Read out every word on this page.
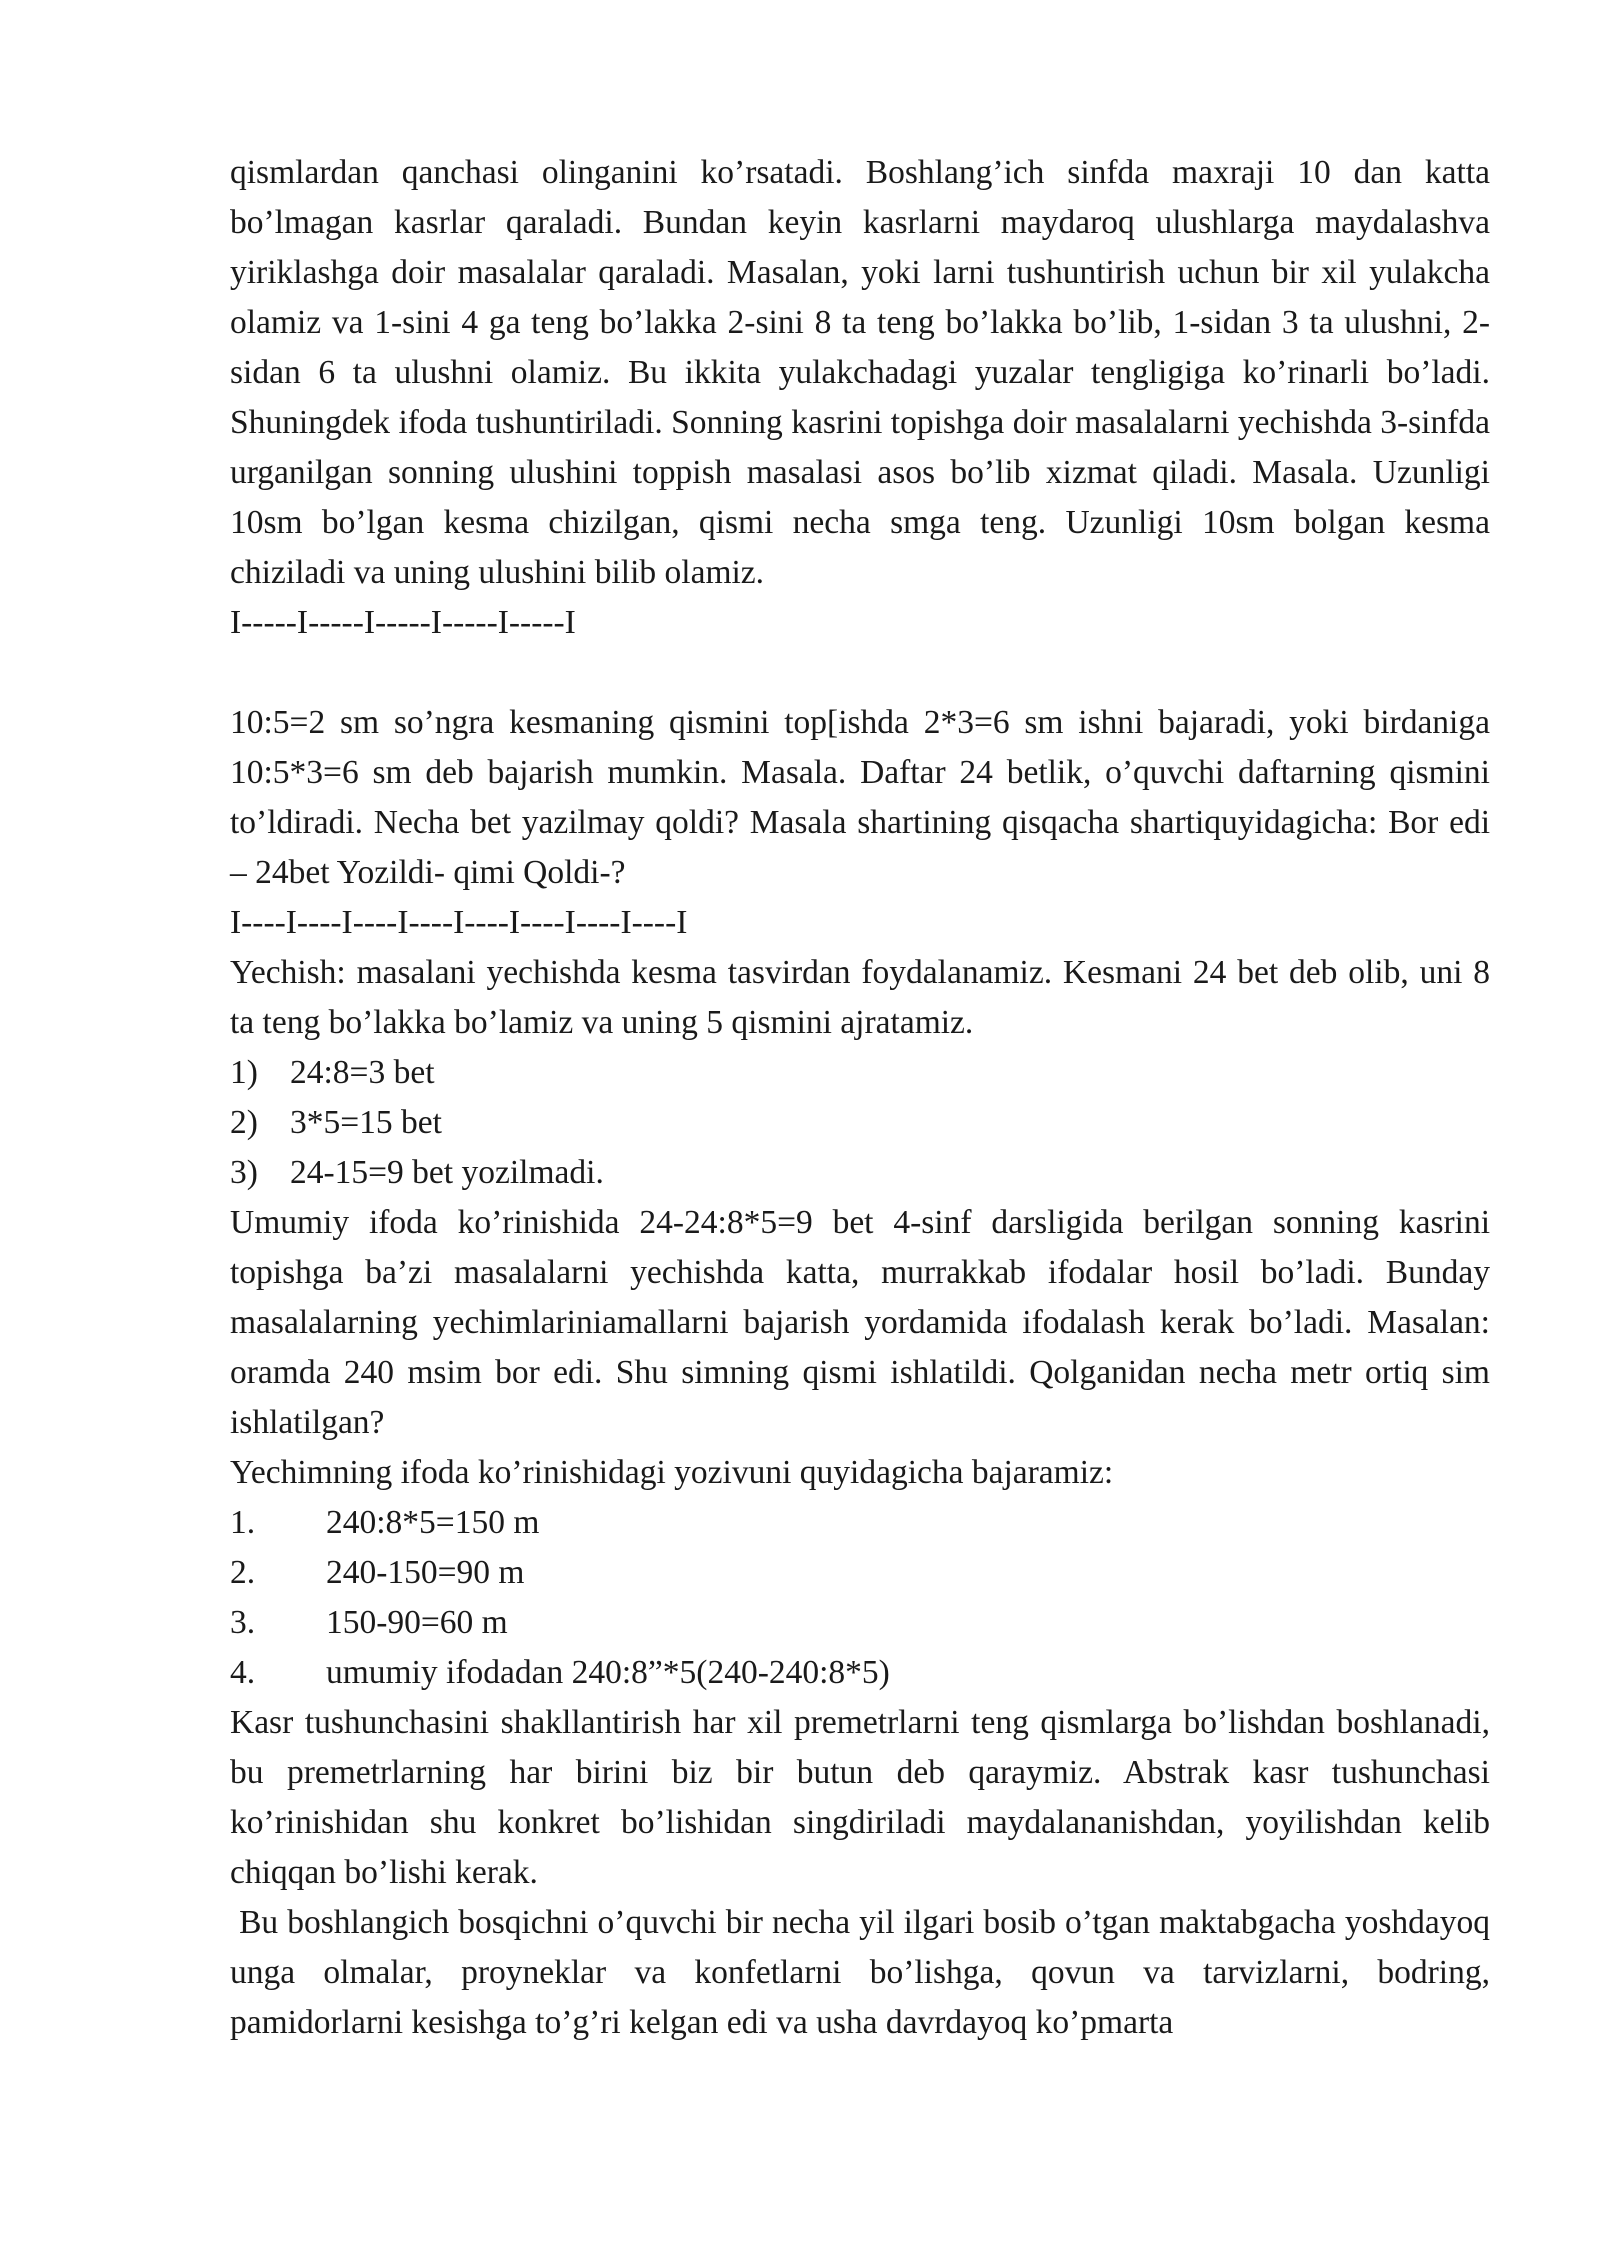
qismlardan qanchasi olinganini ko’rsatadi. Boshlang’ich sinfda maxraji 10 dan katta bo’lmagan kasrlar qaraladi. Bundan keyin kasrlarni maydaroq ulushlarga maydalashva yiriklashga doir masalalar qaraladi. Masalan, yoki larni tushuntirish uchun bir xil yulakcha olamiz va 1-sini 4 ga teng bo’lakka 2-sini 8 ta teng bo’lakka bo’lib, 1-sidan 3 ta ulushni, 2-sidan 6 ta ulushni olamiz. Bu ikkita yulakchadagi yuzalar tengligiga ko’rinarli bo’ladi. Shuningdek ifoda tushuntiriladi. Sonning kasrini topishga doir masalalarni yechishda 3-sinfda urganilgan sonning ulushini toppish masalasi asos bo’lib xizmat qiladi. Masala. Uzunligi 10sm bo’lgan kesma chizilgan, qismi necha smga teng. Uzunligi 10sm bolgan kesma chiziladi va uning ulushini bilib olamiz.

I-----I-----I-----I-----I-----I

10:5=2 sm so’ngra kesmaning qismini top[ishda 2*3=6 sm ishni bajaradi, yoki birdaniga 10:5*3=6 sm deb bajarish mumkin. Masala. Daftar 24 betlik, o’quvchi daftarning qismini to’ldiradi. Necha bet yazilmay qoldi? Masala shartining qisqacha shartiquyidagicha: Bor edi – 24bet Yozildi- qimi Qoldi-?

I----I----I----I----I----I----I----I----I

Yechish: masalani yechishda kesma tasvirdan foydalanamiz. Kesmani 24 bet deb olib, uni 8 ta teng bo’lakka bo’lamiz va uning 5 qismini ajratamiz.

1) 24:8=3 bet
2) 3*5=15 bet
3) 24-15=9 bet yozilmadi.

Umumiy ifoda ko’rinishida 24-24:8*5=9 bet 4-sinf darsligida berilgan sonning kasrini topishga ba’zi masalalarni yechishda katta, murrakkab ifodalar hosil bo’ladi. Bunday masalalarning yechimlariniamallarni bajarish yordamida ifodalash kerak bo’ladi. Masalan: oramda 240 msim bor edi. Shu simning qismi ishlatildi. Qolganidan necha metr ortiq sim ishlatilgan?

Yechimning ifoda ko’rinishidagi yozivuni quyidagicha bajaramiz:

1.	240:8*5=150 m
2.	240-150=90 m
3.	150-90=60 m
4.	umumiy ifodadan 240:8”*5(240-240:8*5)

Kasr tushunchasini shakllantirish har xil premetrlarni teng qismlarga bo’lishdan boshlanadi, bu premetrlarning har birini biz bir butun deb qaraymiz. Abstrak kasr tushunchasi ko’rinishidan shu konkret bo’lishidan singdiriladi maydalananishdan, yoyilishdan kelib chiqqan bo’lishi kerak.

Bu boshlangich bosqichni o’quvchi bir necha yil ilgari bosib o’tgan maktabgacha yoshdayoq unga olmalar, proyneklar va konfetlarni bo’lishga, qovun va tarvizlarni, bodring, pamidorlarni kesishga to’g’ri kelgan edi va usha davrdayoq ko’pmarta
